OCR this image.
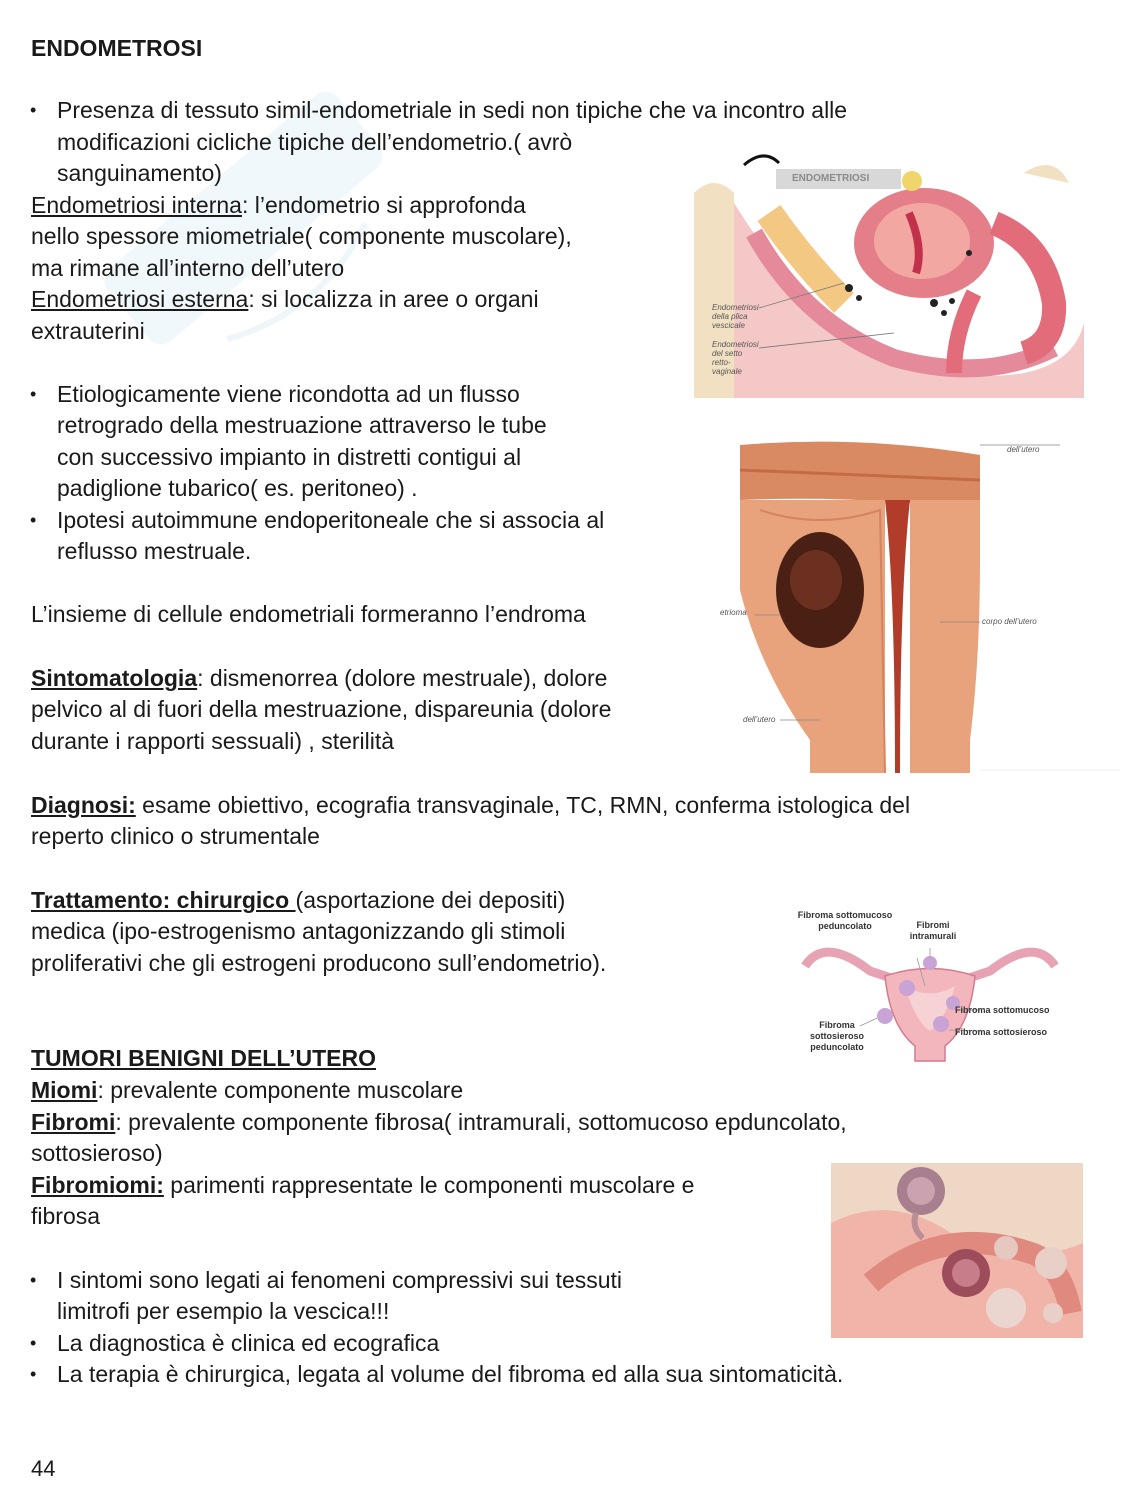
ENDOMETROSI
• Presenza di tessuto simil-endometriale in sedi non tipiche che va incontro alle
modificazioni cicliche tipiche dell’endometrio.( avrò
sanguinamento)
Endometriosi interna: l’endometrio si approfonda
nello spessore miometriale( componente muscolare),
ma rimane all’interno dell’utero
Endometriosi esterna: si localizza in aree o organi
extrauterini
• Etiologicamente viene ricondotta ad un flusso
retrogrado della mestruazione attraverso le tube
con successivo impianto in distretti contigui al
padiglione tubarico( es. peritoneo) .
• Ipotesi autoimmune endoperitoneale che si associa al
reflusso mestruale.
L’insieme di cellule endometriali formeranno l’endroma
Sintomatologia: dismenorrea (dolore mestruale), dolore
pelvico al di fuori della mestruazione, dispareunia (dolore
durante i rapporti sessuali) , sterilità
Diagnosi: esame obiettivo, ecografia transvaginale, TC, RMN, conferma istologica del
reperto clinico o strumentale
Trattamento: chirurgico (asportazione dei depositi)
medica (ipo-estrogenismo antagonizzando gli stimoli
proliferativi che gli estrogeni producono sull’endometrio).
TUMORI BENIGNI DELL’UTERO
Miomi: prevalente componente muscolare
Fibromi: prevalente componente fibrosa( intramurali, sottomucoso epduncolato,
sottosieroso)
Fibromiomi: parimenti rappresentate le componenti muscolare e
fibrosa
• I sintomi sono legati ai fenomeni compressivi sui tessuti
limitrofi per esempio la vescica!!!
• La diagnostica è clinica ed ecografica
• La terapia è chirurgica, legata al volume del fibroma ed alla sua sintomaticità.
44
ENDOMETRIOSI
Endometriosi della plica vescicale
Endometriosi del setto retto-vaginale
dell’utero
etrioma
corpo dell’utero
dell’utero
Fibroma sottomucoso peduncolato	Fibromi intramurali
Fibroma sottomucoso
Fibroma sottosieroso
Fibroma sottosieroso peduncolato
